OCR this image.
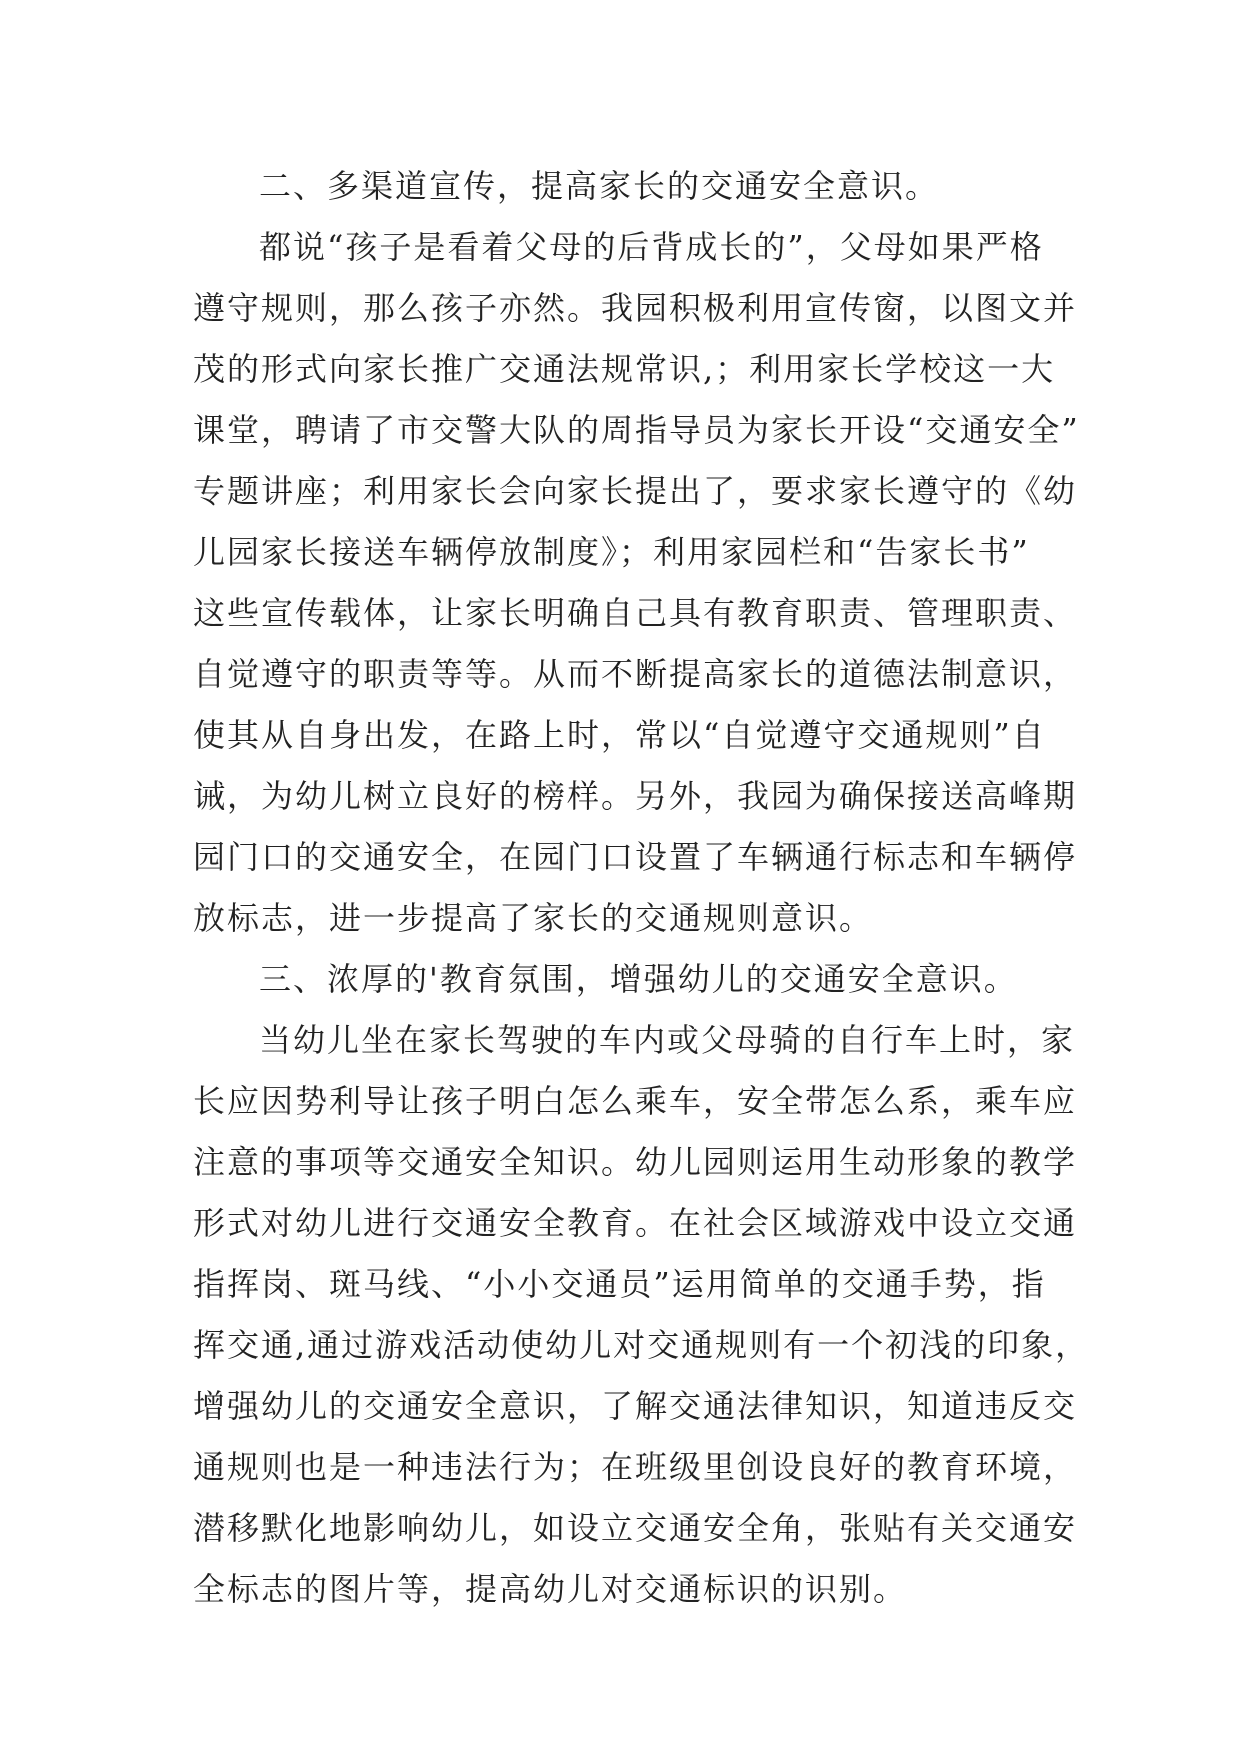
二、多渠道宣传，提高家长的交通安全意识。
都说“孩子是看着父母的后背成长的”，父母如果严格
遵守规则，那么孩子亦然。我园积极利用宣传窗，以图文并
茂的形式向家长推广交通法规常识,；利用家长学校这一大
课堂，聘请了市交警大队的周指导员为家长开设“交通安全”
专题讲座；利用家长会向家长提出了，要求家长遵守的《幼
儿园家长接送车辆停放制度》；利用家园栏和“告家长书”
这些宣传载体，让家长明确自己具有教育职责、管理职责、
自觉遵守的职责等等。从而不断提高家长的道德法制意识，
使其从自身出发，在路上时，常以“自觉遵守交通规则”自
诫，为幼儿树立良好的榜样。另外，我园为确保接送高峰期
园门口的交通安全，在园门口设置了车辆通行标志和车辆停
放标志，进一步提高了家长的交通规则意识。
三、浓厚的'教育氛围，增强幼儿的交通安全意识。
当幼儿坐在家长驾驶的车内或父母骑的自行车上时，家
长应因势利导让孩子明白怎么乘车，安全带怎么系，乘车应
注意的事项等交通安全知识。幼儿园则运用生动形象的教学
形式对幼儿进行交通安全教育。在社会区域游戏中设立交通
指挥岗、斑马线、“小小交通员”运用简单的交通手势，指
挥交通,通过游戏活动使幼儿对交通规则有一个初浅的印象，
增强幼儿的交通安全意识，了解交通法律知识，知道违反交
通规则也是一种违法行为；在班级里创设良好的教育环境，
潜移默化地影响幼儿，如设立交通安全角，张贴有关交通安
全标志的图片等，提高幼儿对交通标识的识别。
